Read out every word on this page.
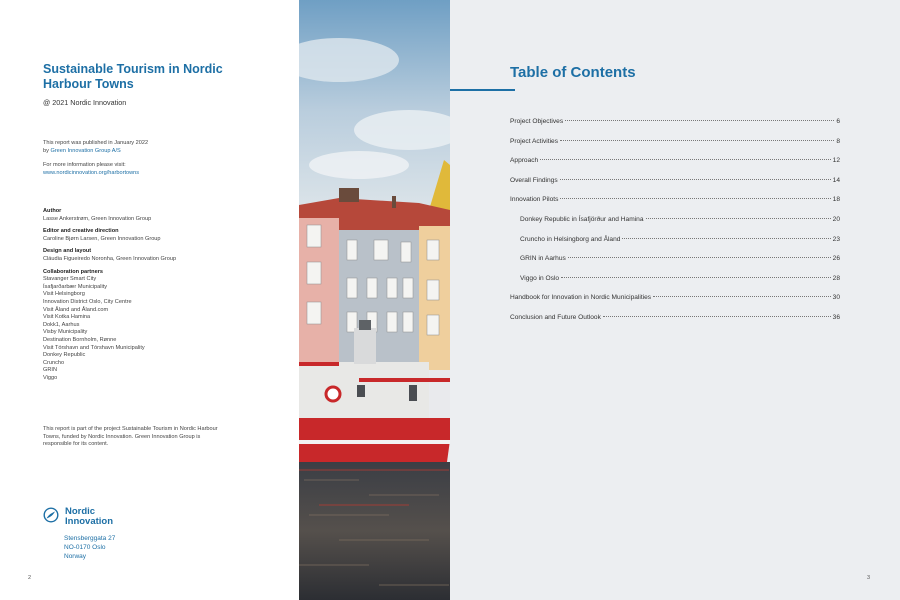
Sustainable Tourism in Nordic Harbour Towns
@ 2021 Nordic Innovation
This report was published in January 2022
by Green Innovation Group A/S
For more information please visit:
www.nordicinnovation.org/harbortowns
Author
Lasse Ankerstrøm, Green Innovation Group
Editor and creative direction
Caroline Bjørn Larsen, Green Innovation Group
Design and layout
Cláudia Figueiredo Noronha, Green Innovation Group
Collaboration partners
Stavanger Smart City
Ísafjarðarbær Municipality
Visit Helsingborg
Innovation District Oslo, City Centre
Visit Åland and Åland.com
Visit Kotka Hamina
Dokk1, Aarhus
Visby Municipality
Destination Bornholm, Rønne
Visit Tórshavn and Tórshavn Municipality
Donkey Republic
Cruncho
GRIN
Viggo
This report is part of the project Sustainable Tourism in Nordic Harbour Towns, funded by Nordic Innovation. Green Innovation Group is responsible for its content.
Nordic
Innovation
Stensberggata 27
NO-0170 Oslo
Norway
2
Table of Contents
Project Objectives	6
Project Activities	8
Approach	12
Overall Findings	14
Innovation Pilots	18
Donkey Republic in Ísafjörður and Hamina	20
Cruncho in Helsingborg and Åland	23
GRIN in Aarhus	26
Viggo in Oslo	28
Handbook for Innovation in Nordic Municipalities	30
Conclusion and Future Outlook	36
3
